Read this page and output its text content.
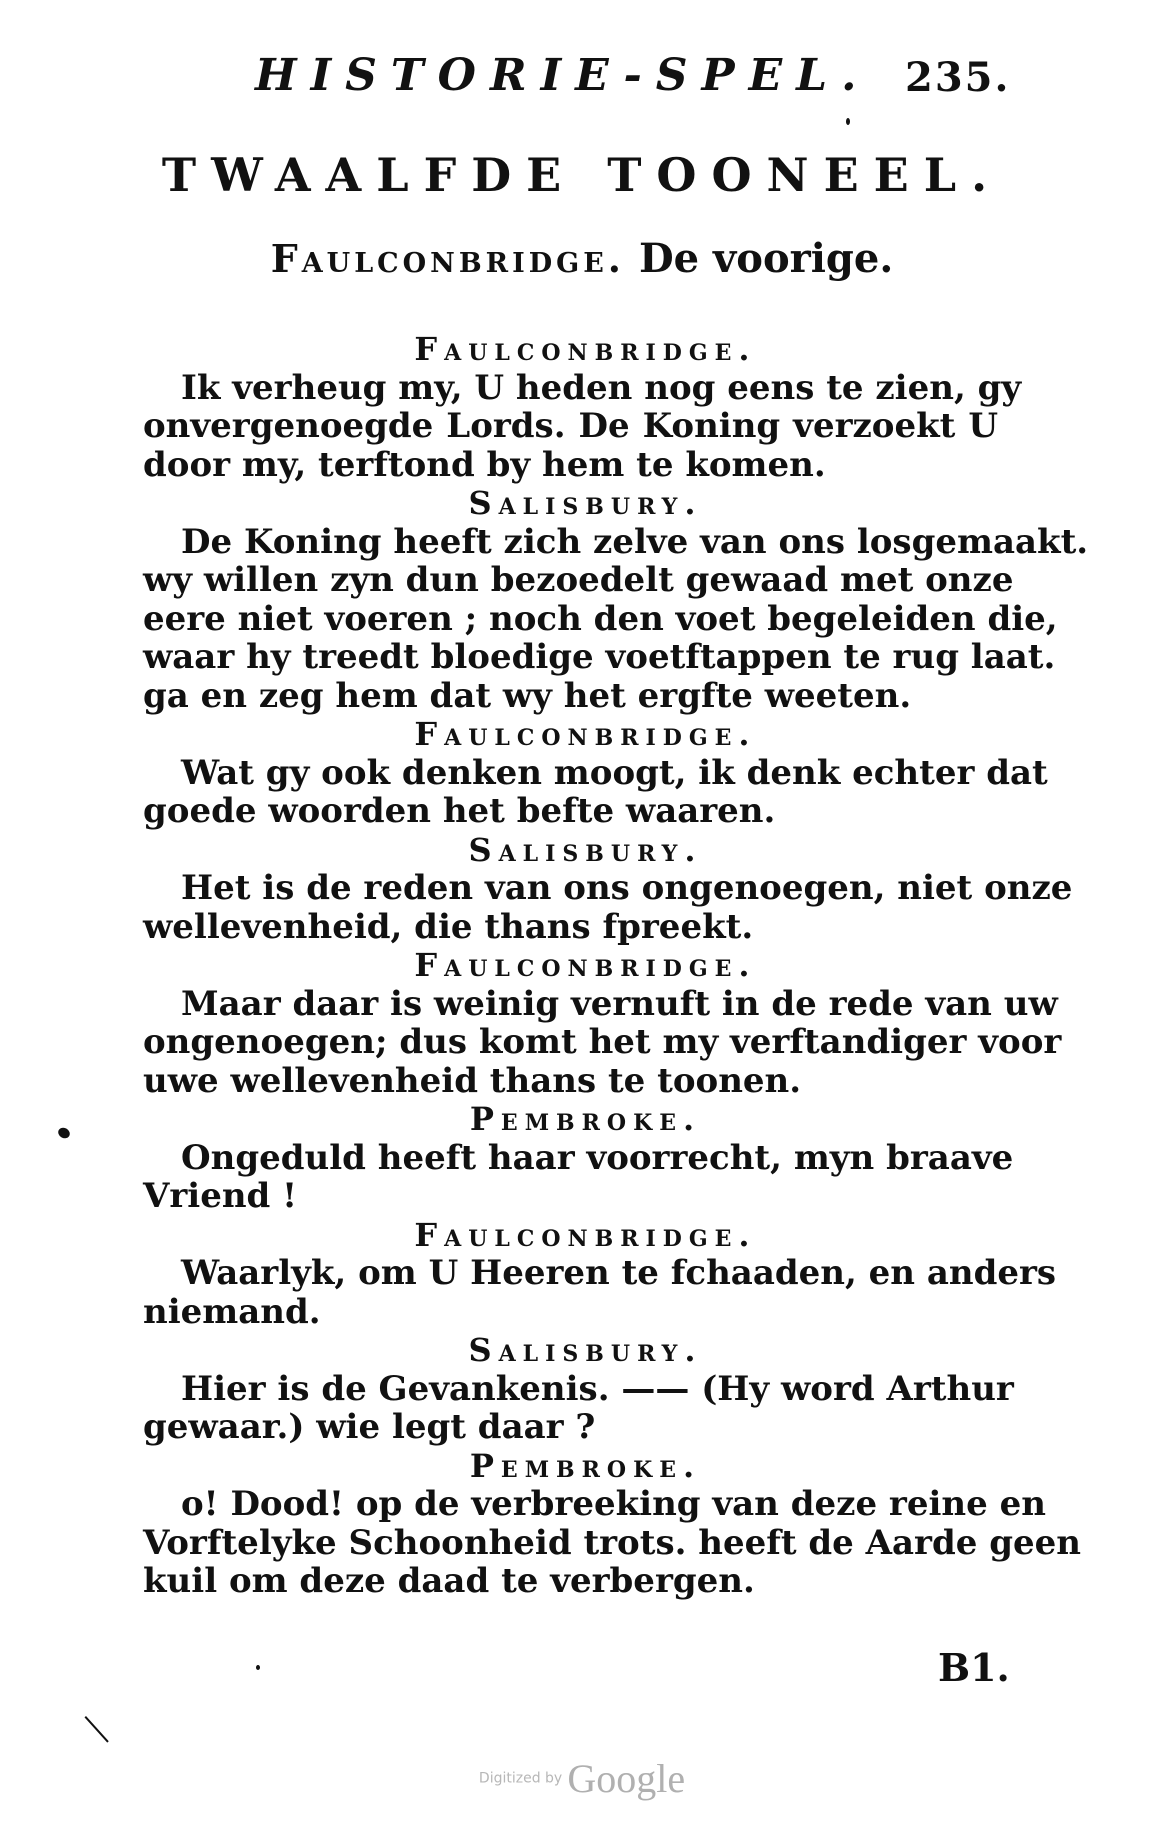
HISTORIE-SPEL. 235.
TWAALFDE TOONEEL.
Faulconbridge. De voorige.
Faulconbridge.
Ik verheug my, U heden nog eens te zien, gy
onvergenoegde Lords. De Koning verzoekt U
door my, terftond by hem te komen.
Salisbury.
De Koning heeft zich zelve van ons losgemaakt.
wy willen zyn dun bezoedelt gewaad met onze
eere niet voeren ; noch den voet begeleiden die,
waar hy treedt bloedige voetftappen te rug laat.
ga en zeg hem dat wy het ergfte weeten.
Faulconbridge.
Wat gy ook denken moogt, ik denk echter dat
goede woorden het befte waaren.
Salisbury.
Het is de reden van ons ongenoegen, niet onze
wellevenheid, die thans fpreekt.
Faulconbridge.
Maar daar is weinig vernuft in de rede van uw
ongenoegen; dus komt het my verftandiger voor
uwe wellevenheid thans te toonen.
Pembroke.
Ongeduld heeft haar voorrecht, myn braave
Vriend !
Faulconbridge.
Waarlyk, om U Heeren te fchaaden, en anders
niemand.
Salisbury.
Hier is de Gevankenis. —— (Hy word Arthur
gewaar.) wie legt daar ?
Pembroke.
o! Dood! op de verbreeking van deze reine en
Vorftelyke Schoonheid trots. heeft de Aarde geen
kuil om deze daad te verbergen.
B1.
Digitized by Google
